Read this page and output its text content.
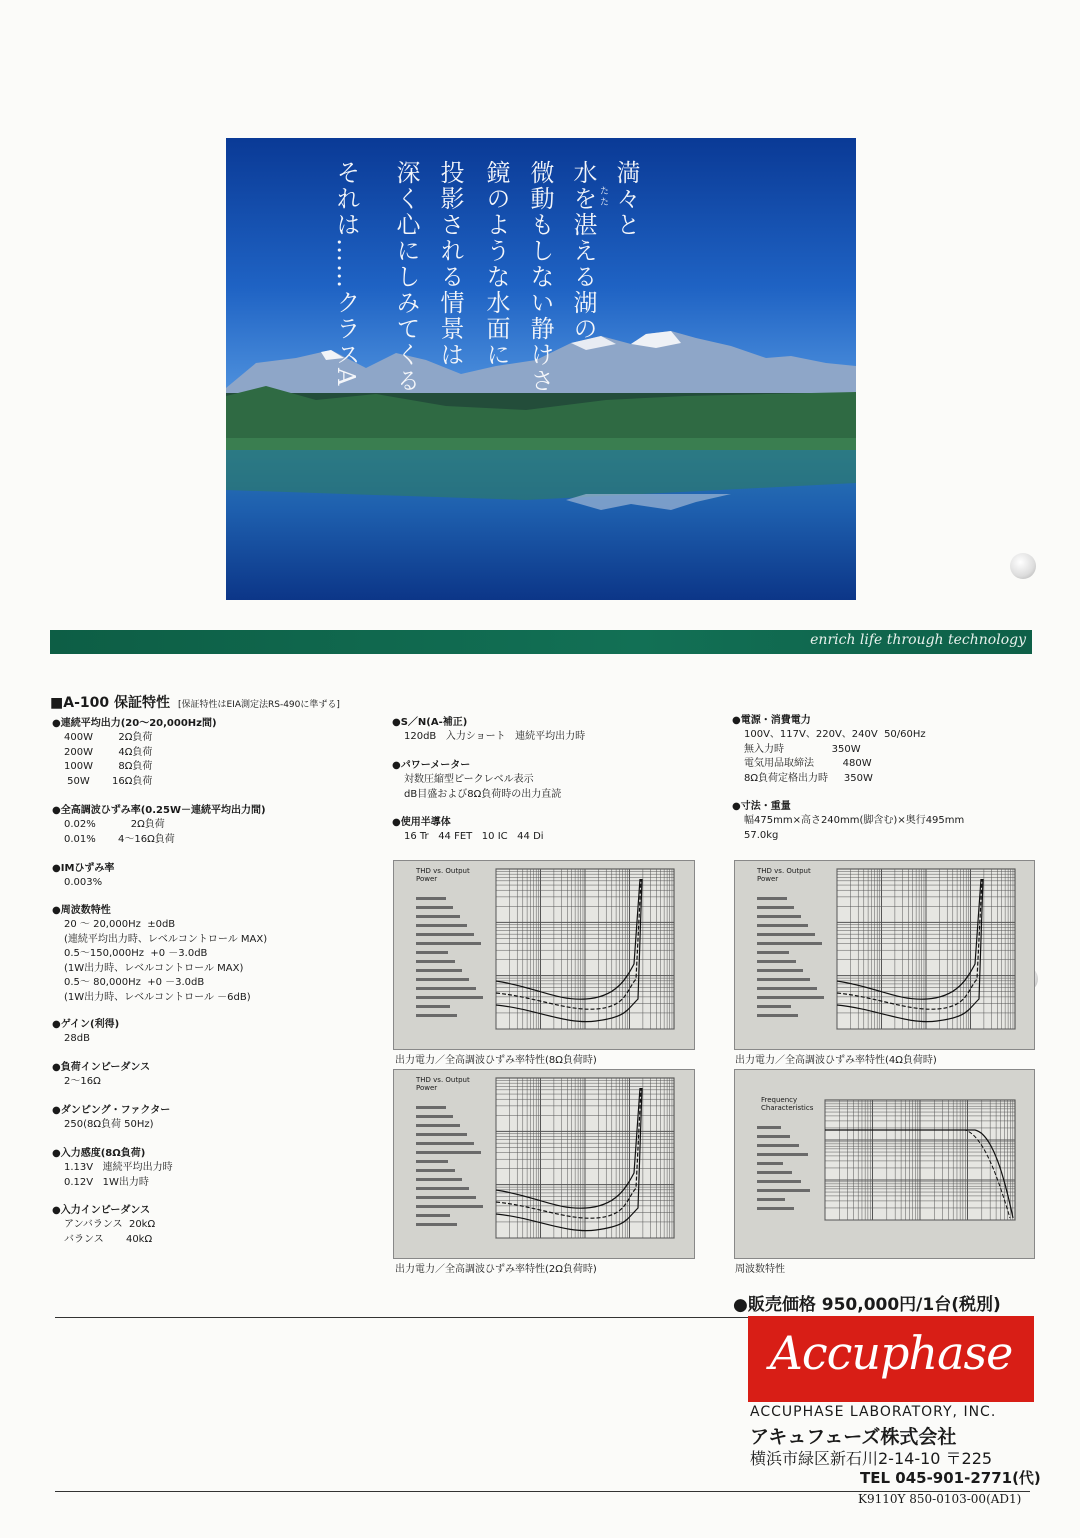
満々と
水を湛える湖の
微動もしない静けさ
鏡のような水面に
投影される情景は
深く心にしみてくる
それは……クラスA	たた
enrich life through technology
■A-100 保証特性 [保証特性はEIA測定法RS-490に準ずる]
●連続平均出力(20～20,000Hz間)
400W        2Ω負荷
200W        4Ω負荷
100W        8Ω負荷
50W       16Ω負荷
●全高調波ひずみ率(0.25W－連続平均出力間)
0.02%           2Ω負荷
0.01%       4～16Ω負荷
●IMひずみ率
0.003%
●周波数特性
20 ～ 20,000Hz  ±0dB
(連続平均出力時、レベルコントロール MAX)
0.5～150,000Hz  +0 －3.0dB
(1W出力時、レベルコントロール MAX)
0.5～ 80,000Hz  +0 －3.0dB
(1W出力時、レベルコントロール －6dB)
●ゲイン(利得)
28dB
●負荷インピーダンス
2～16Ω
●ダンピング・ファクター
250(8Ω負荷 50Hz)
●入力感度(8Ω負荷)
1.13V   連続平均出力時
0.12V   1W出力時
●入力インピーダンス
アンバランス  20kΩ
バランス       40kΩ
●S／N(A-補正)
120dB   入力ショート   連続平均出力時
●パワーメーター
対数圧縮型ピークレベル表示
dB目盛および8Ω負荷時の出力直読
●使用半導体
16 Tr   44 FET   10 IC   44 Di
●電源・消費電力
100V、117V、220V、240V  50/60Hz
無入力時               350W
電気用品取締法         480W
8Ω負荷定格出力時     350W
●寸法・重量
幅475mm×高さ240mm(脚含む)×奥行495mm
57.0kg
THD vs. Output Power
出力電力／全高調波ひずみ率特性(8Ω負荷時)
THD vs. Output Power
出力電力／全高調波ひずみ率特性(4Ω負荷時)
THD vs. Output Power
出力電力／全高調波ひずみ率特性(2Ω負荷時)
Frequency Characteristics
周波数特性
●販売価格 950,000円/1台(税別)
Accuphase
ACCUPHASE LABORATORY, INC.
アキュフェーズ株式会社
横浜市緑区新石川2-14-10 〒225
TEL 045-901-2771(代)
K9110Y 850-0103-00(AD1)
